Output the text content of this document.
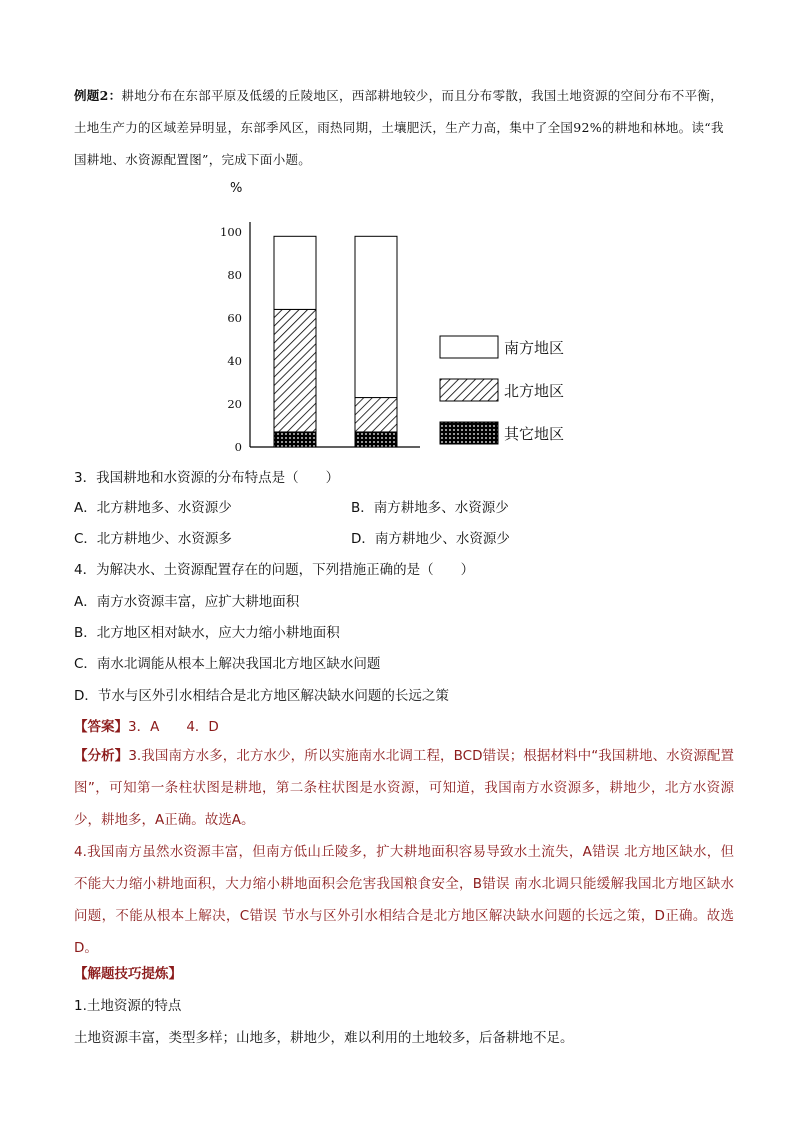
例题2：耕地分布在东部平原及低缓的丘陵地区，西部耕地较少，而且分布零散，我国土地资源的空间分布不平衡，土地生产力的区域差异明显，东部季风区，雨热同期，土壤肥沃，生产力高，集中了全国92%的耕地和林地。读“我国耕地、水资源配置图”，完成下面小题。
%
0
20
40
60
80
100
南方地区
北方地区
其它地区
3．我国耕地和水资源的分布特点是（　　）
A．北方耕地多、水资源少	B．南方耕地多、水资源少
C．北方耕地少、水资源多	D．南方耕地少、水资源少
4．为解决水、土资源配置存在的问题，下列措施正确的是（　　）
A．南方水资源丰富，应扩大耕地面积
B．北方地区相对缺水，应大力缩小耕地面积
C．南水北调能从根本上解决我国北方地区缺水问题
D．节水与区外引水相结合是北方地区解决缺水问题的长远之策
【答案】3．A　　4．D
【分析】3.我国南方水多，北方水少，所以实施南水北调工程，BCD错误；根据材料中“我国耕地、水资源配置图”，可知第一条柱状图是耕地，第二条柱状图是水资源，可知道，我国南方水资源多，耕地少，北方水资源少，耕地多，A正确。故选A。
4.我国南方虽然水资源丰富，但南方低山丘陵多，扩大耕地面积容易导致水土流失，A错误 北方地区缺水，但不能大力缩小耕地面积，大力缩小耕地面积会危害我国粮食安全，B错误 南水北调只能缓解我国北方地区缺水问题，不能从根本上解决，C错误 节水与区外引水相结合是北方地区解决缺水问题的长远之策，D正确。故选D。
【解题技巧提炼】
1.土地资源的特点
土地资源丰富，类型多样；山地多，耕地少，难以利用的土地较多，后备耕地不足。
